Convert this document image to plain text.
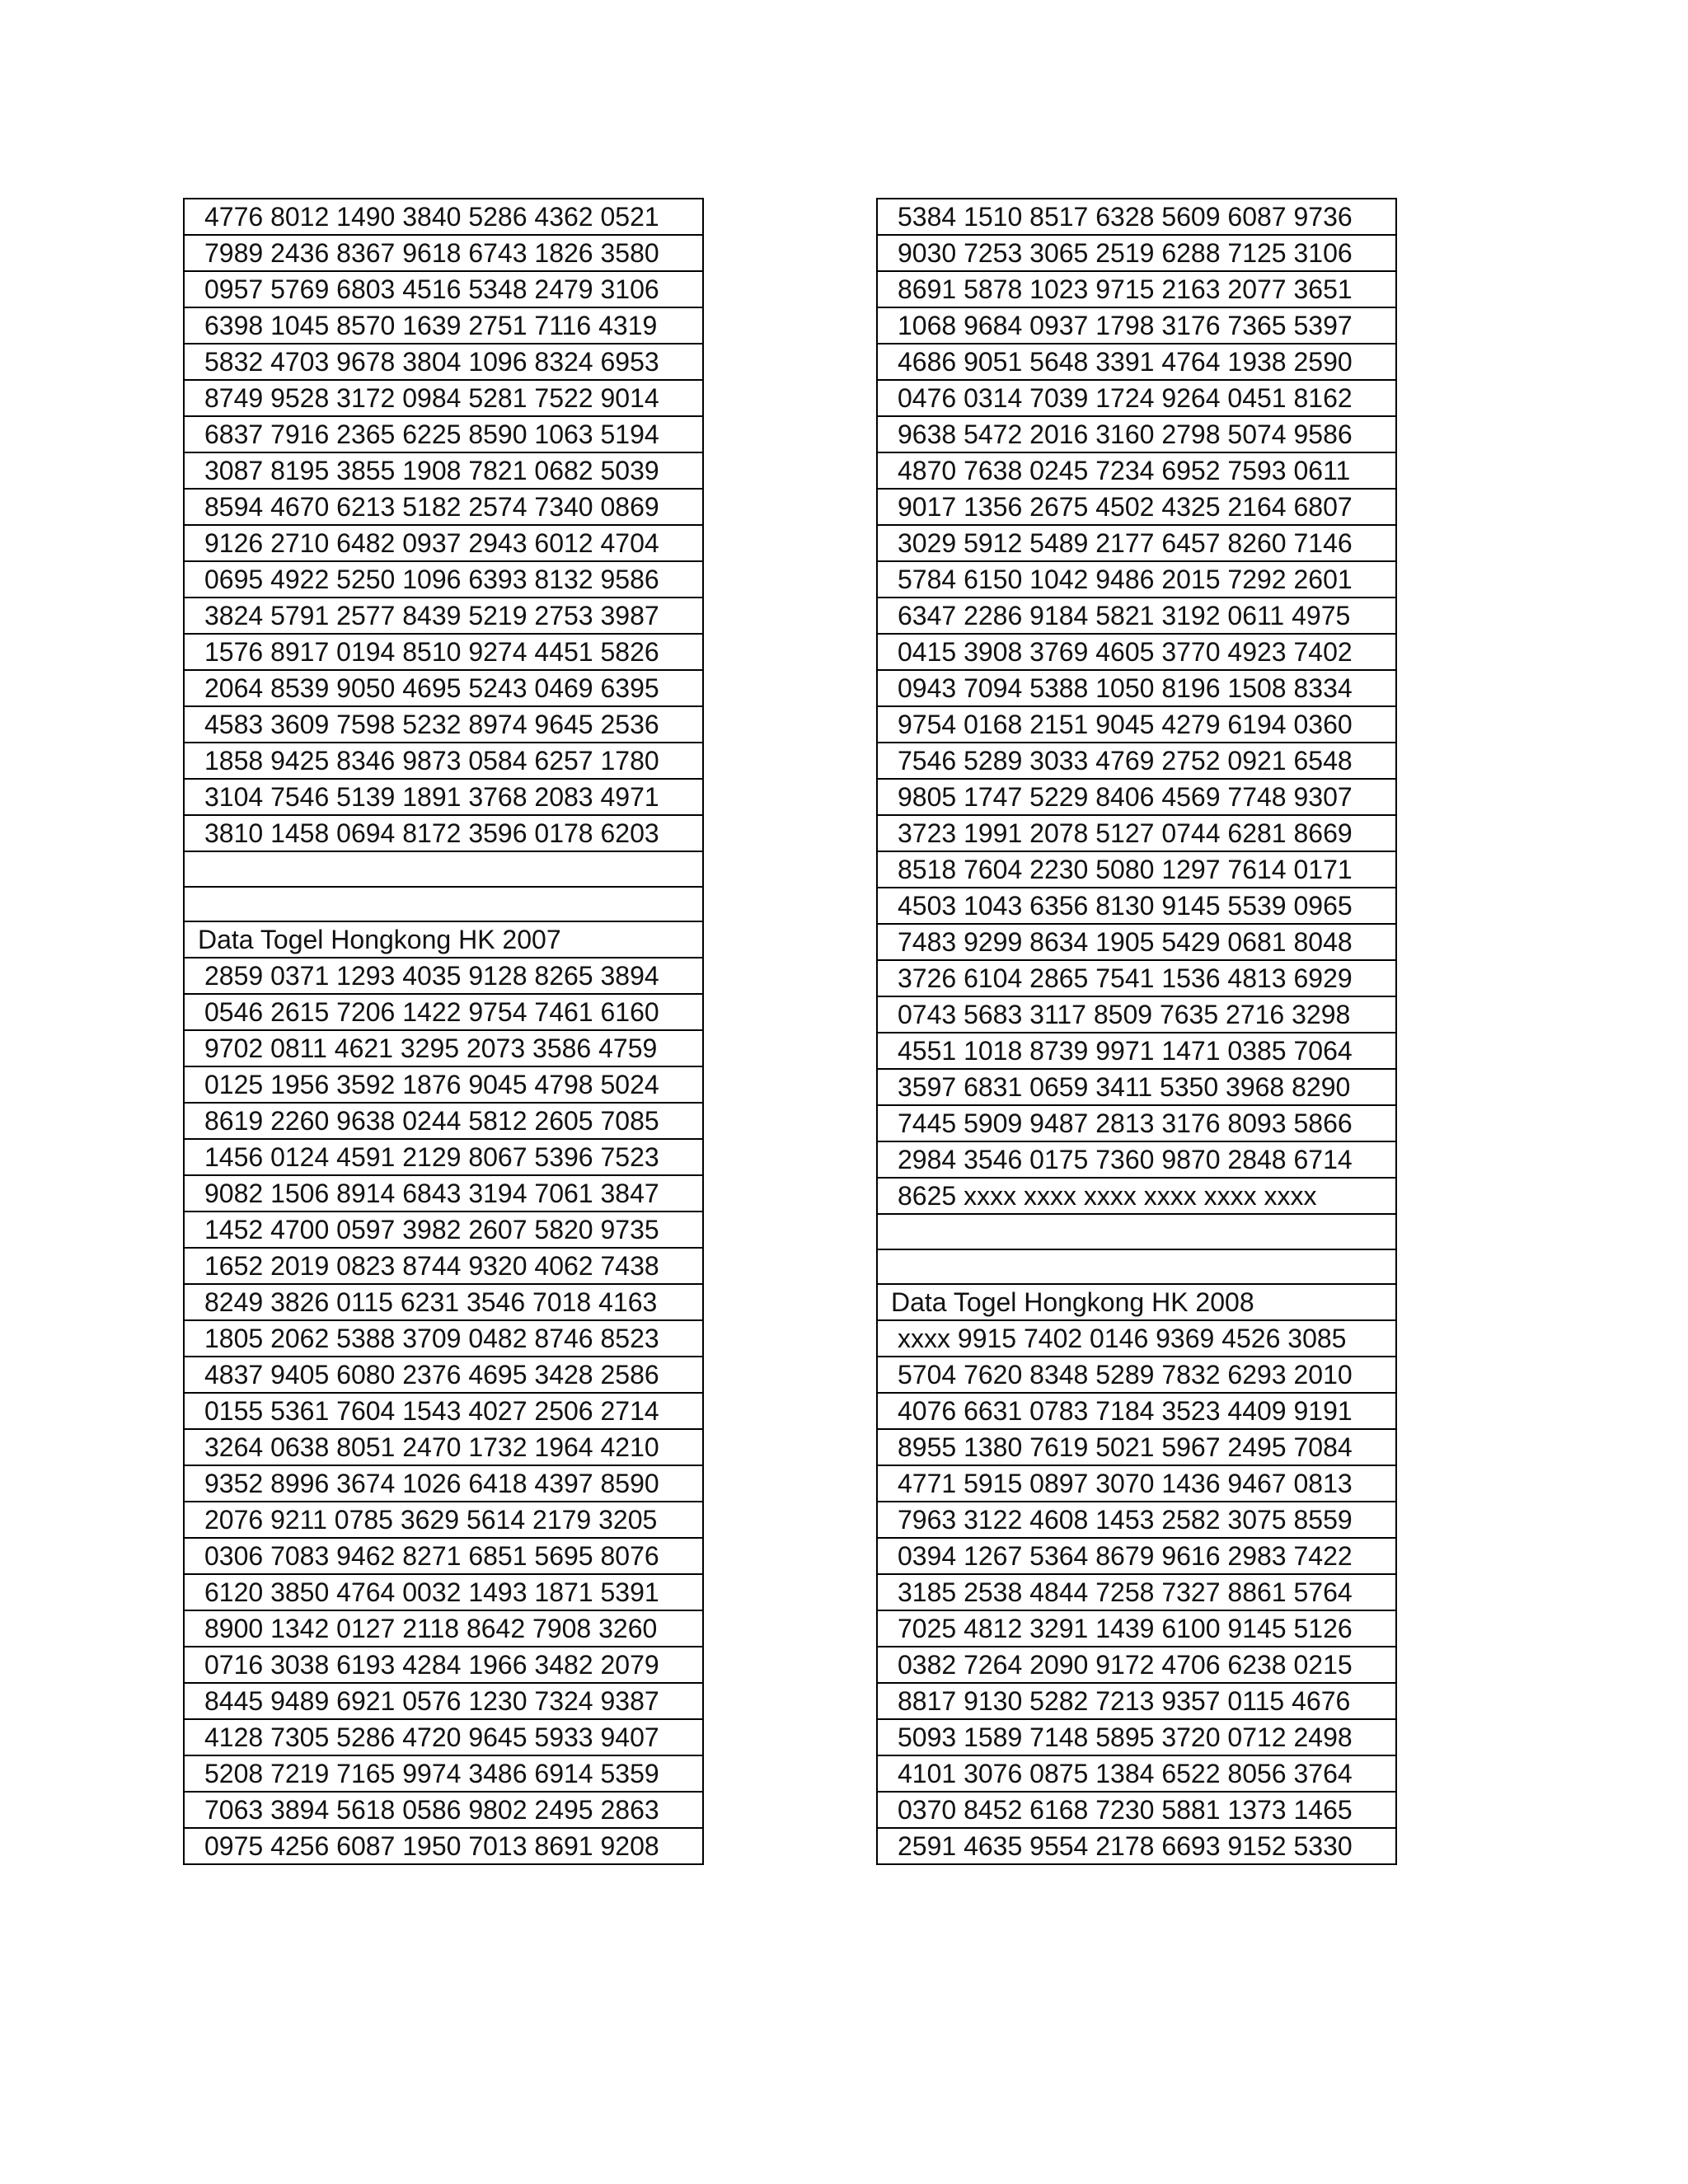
4776 8012 1490 3840 5286 4362 0521
7989 2436 8367 9618 6743 1826 3580
0957 5769 6803 4516 5348 2479 3106
6398 1045 8570 1639 2751 7116 4319
5832 4703 9678 3804 1096 8324 6953
8749 9528 3172 0984 5281 7522 9014
6837 7916 2365 6225 8590 1063 5194
3087 8195 3855 1908 7821 0682 5039
8594 4670 6213 5182 2574 7340 0869
9126 2710 6482 0937 2943 6012 4704
0695 4922 5250 1096 6393 8132 9586
3824 5791 2577 8439 5219 2753 3987
1576 8917 0194 8510 9274 4451 5826
2064 8539 9050 4695 5243 0469 6395
4583 3609 7598 5232 8974 9645 2536
1858 9425 8346 9873 0584 6257 1780
3104 7546 5139 1891 3768 2083 4971
3810 1458 0694 8172 3596 0178 6203

Data Togel Hongkong HK 2007
2859 0371 1293 4035 9128 8265 3894
0546 2615 7206 1422 9754 7461 6160
9702 0811 4621 3295 2073 3586 4759
0125 1956 3592 1876 9045 4798 5024
8619 2260 9638 0244 5812 2605 7085
1456 0124 4591 2129 8067 5396 7523
9082 1506 8914 6843 3194 7061 3847
1452 4700 0597 3982 2607 5820 9735
1652 2019 0823 8744 9320 4062 7438
8249 3826 0115 6231 3546 7018 4163
1805 2062 5388 3709 0482 8746 8523
4837 9405 6080 2376 4695 3428 2586
0155 5361 7604 1543 4027 2506 2714
3264 0638 8051 2470 1732 1964 4210
9352 8996 3674 1026 6418 4397 8590
2076 9211 0785 3629 5614 2179 3205
0306 7083 9462 8271 6851 5695 8076
6120 3850 4764 0032 1493 1871 5391
8900 1342 0127 2118 8642 7908 3260
0716 3038 6193 4284 1966 3482 2079
8445 9489 6921 0576 1230 7324 9387
4128 7305 5286 4720 9645 5933 9407
5208 7219 7165 9974 3486 6914 5359
7063 3894 5618 0586 9802 2495 2863
0975 4256 6087 1950 7013 8691 9208
5384 1510 8517 6328 5609 6087 9736
9030 7253 3065 2519 6288 7125 3106
8691 5878 1023 9715 2163 2077 3651
1068 9684 0937 1798 3176 7365 5397
4686 9051 5648 3391 4764 1938 2590
0476 0314 7039 1724 9264 0451 8162
9638 5472 2016 3160 2798 5074 9586
4870 7638 0245 7234 6952 7593 0611
9017 1356 2675 4502 4325 2164 6807
3029 5912 5489 2177 6457 8260 7146
5784 6150 1042 9486 2015 7292 2601
6347 2286 9184 5821 3192 0611 4975
0415 3908 3769 4605 3770 4923 7402
0943 7094 5388 1050 8196 1508 8334
9754 0168 2151 9045 4279 6194 0360
7546 5289 3033 4769 2752 0921 6548
9805 1747 5229 8406 4569 7748 9307
3723 1991 2078 5127 0744 6281 8669
8518 7604 2230 5080 1297 7614 0171
4503 1043 6356 8130 9145 5539 0965
7483 9299 8634 1905 5429 0681 8048
3726 6104 2865 7541 1536 4813 6929
0743 5683 3117 8509 7635 2716 3298
4551 1018 8739 9971 1471 0385 7064
3597 6831 0659 3411 5350 3968 8290
7445 5909 9487 2813 3176 8093 5866
2984 3546 0175 7360 9870 2848 6714
8625 xxxx xxxx xxxx xxxx xxxx xxxx

Data Togel Hongkong HK 2008
xxxx 9915 7402 0146 9369 4526 3085
5704 7620 8348 5289 7832 6293 2010
4076 6631 0783 7184 3523 4409 9191
8955 1380 7619 5021 5967 2495 7084
4771 5915 0897 3070 1436 9467 0813
7963 3122 4608 1453 2582 3075 8559
0394 1267 5364 8679 9616 2983 7422
3185 2538 4844 7258 7327 8861 5764
7025 4812 3291 1439 6100 9145 5126
0382 7264 2090 9172 4706 6238 0215
8817 9130 5282 7213 9357 0115 4676
5093 1589 7148 5895 3720 0712 2498
4101 3076 0875 1384 6522 8056 3764
0370 8452 6168 7230 5881 1373 1465
2591 4635 9554 2178 6693 9152 5330
